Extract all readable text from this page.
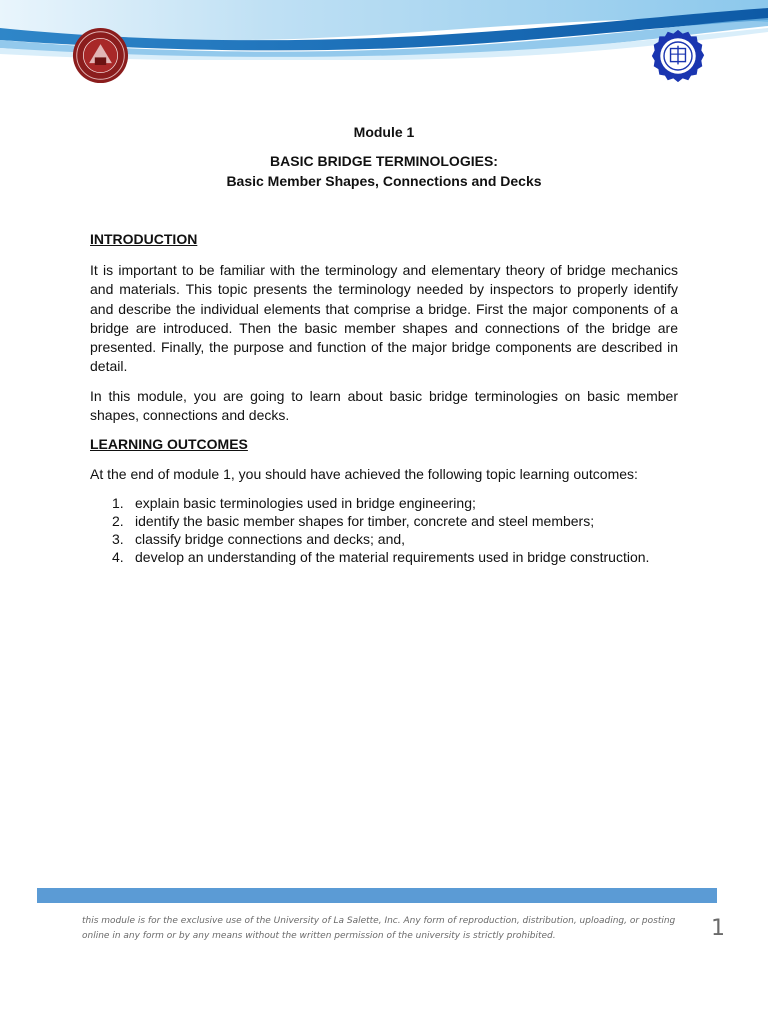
Module 1
BASIC BRIDGE TERMINOLOGIES:
Basic Member Shapes, Connections and Decks
INTRODUCTION
It is important to be familiar with the terminology and elementary theory of bridge mechanics and materials. This topic presents the terminology needed by inspectors to properly identify and describe the individual elements that comprise a bridge. First the major components of a bridge are introduced. Then the basic member shapes and connections of the bridge are presented. Finally, the purpose and function of the major bridge components are described in detail.
In this module, you are going to learn about basic bridge terminologies on basic member shapes, connections and decks.
LEARNING OUTCOMES
At the end of module 1, you should have achieved the following topic learning outcomes:
1. explain basic terminologies used in bridge engineering;
2. identify the basic member shapes for timber, concrete and steel members;
3. classify bridge connections and decks; and,
4. develop an understanding of the material requirements used in bridge construction.
this module is for the exclusive use of the University of La Salette, Inc. Any form of reproduction, distribution, uploading, or posting online in any form or by any means without the written permission of the university is strictly prohibited.	1
